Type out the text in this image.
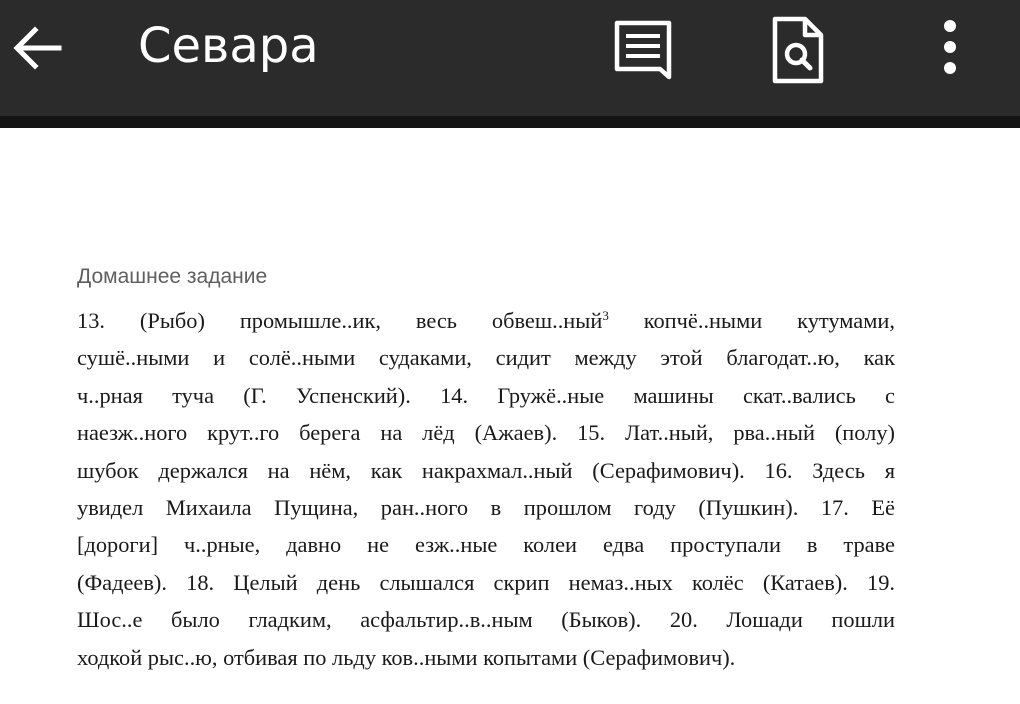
Севара
Домашнее задание
13. (Рыбо) промышле..ик, весь обвеш..ный$^3$ копчё..ными кутумами,
сушё..ными и солё..ными судаками, сидит между этой благодат..ю, как
ч..рная туча (Г. Успенский). 14. Гружё..ные машины скат..вались с
наезж..ного крут..го берега на лёд (Ажаев). 15. Лат..ный, рва..ный (полу)
шубок держался на нём, как накрахмал..ный (Серафимович). 16. Здесь я
увидел Михаила Пущина, ран..ного в прошлом году (Пушкин). 17. Её
[дороги] ч..рные, давно не езж..ные колеи едва проступали в траве
(Фадеев). 18. Целый день слышался скрип немаз..ных колёс (Катаев). 19.
Шос..е было гладким, асфальтир..в..ным (Быков). 20. Лошади пошли
ходкой рыс..ю, отбивая по льду ков..ными копытами (Серафимович).
